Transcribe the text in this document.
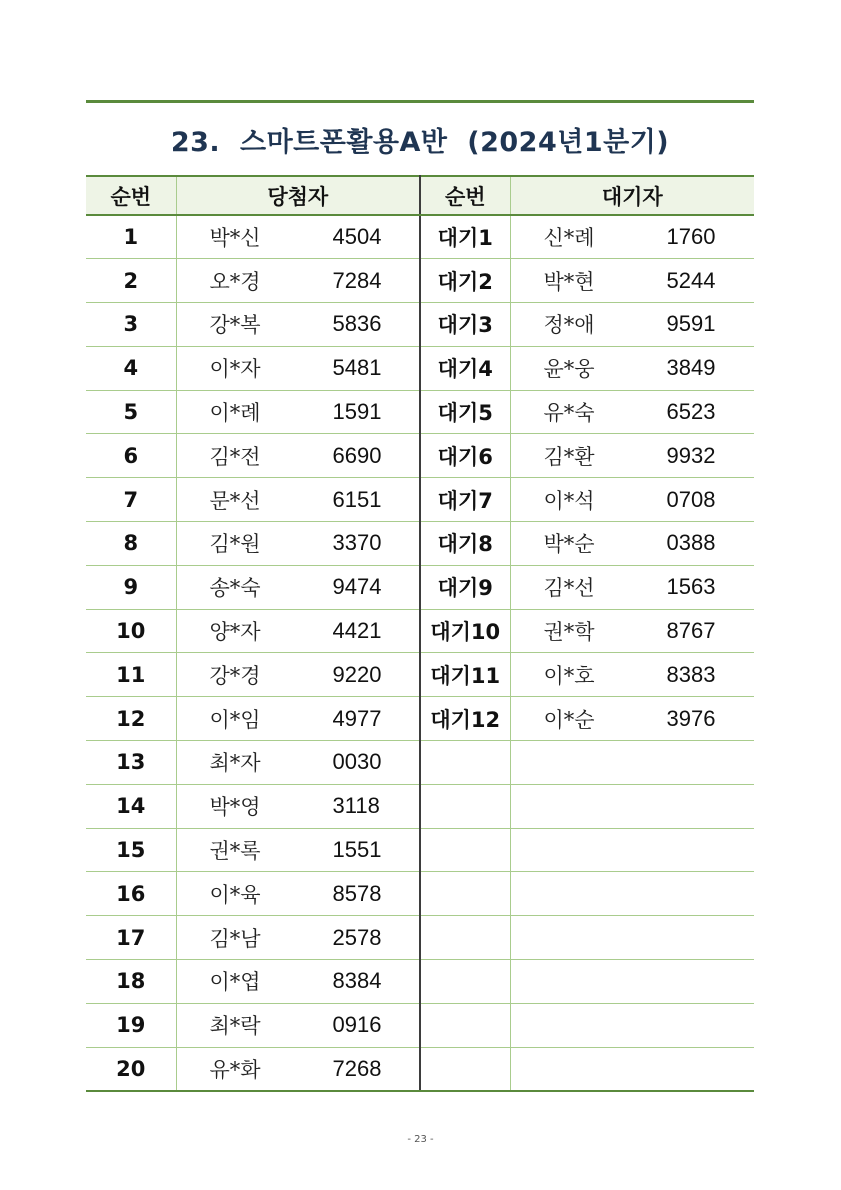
23.  스마트폰활용A반  (2024년1분기)
순번	당첨자	순번	대기자
1	박*신 4504	대기1	신*례 1760

2	오*경 7284	대기2	박*현 5244

3	강*복 5836	대기3	정*애 9591

4	이*자 5481	대기4	윤*웅 3849

5	이*례 1591	대기5	유*숙 6523

6	김*전 6690	대기6	김*환 9932

7	문*선 6151	대기7	이*석 0708

8	김*원 3370	대기8	박*순 0388

9	송*숙 9474	대기9	김*선 1563

10	양*자 4421	대기10	권*학 8767

11	강*경 9220	대기11	이*호 8383

12	이*임 4977	대기12	이*순 3976

13	최*자 0030		

14	박*영 3118		

15	권*록 1551		

16	이*육 8578		

17	김*남 2578		

18	이*엽 8384		

19	최*락 0916		

20	유*화 7268		

- 23 -
